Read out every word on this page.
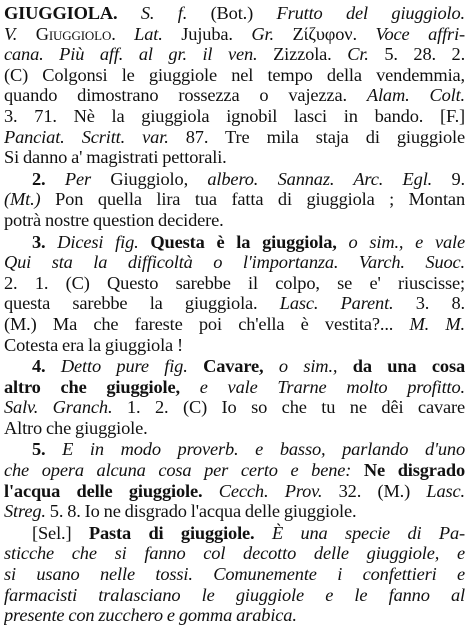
GIUGGIOLA. S. f. (Bot.) Frutto del giuggiolo.
V. Giuggiolo. Lat. Jujuba. Gr. Ζίζυφον. Voce affri-
cana. Più aff. al gr. il ven. Zizzola. Cr. 5. 28. 2.
(C) Colgonsi le giuggiole nel tempo della vendemmia,
quando dimostrano rossezza o vajezza. Alam. Colt.
3. 71. Nè la giuggiola ignobil lasci in bando. [F.]
Panciat. Scritt. var. 87. Tre mila staja di giuggiole
Si danno a' magistrati pettorali.
2. Per Giuggiolo, albero. Sannaz. Arc. Egl. 9.
(Mt.) Pon quella lira tua fatta di giuggiola ; Montan
potrà nostre question decidere.
3. Dicesi fig. Questa è la giuggiola, o sim., e vale
Qui sta la difficoltà o l'importanza. Varch. Suoc.
2. 1. (C) Questo sarebbe il colpo, se e' riuscisse;
questa sarebbe la giuggiola. Lasc. Parent. 3. 8.
(M.) Ma che fareste poi ch'ella è vestita?... M. M.
Cotesta era la giuggiola !
4. Detto pure fig. Cavare, o sim., da una cosa
altro che giuggiole, e vale Trarne molto profitto.
Salv. Granch. 1. 2. (C) Io so che tu ne dêi cavare
Altro che giuggiole.
5. E in modo proverb. e basso, parlando d'uno
che opera alcuna cosa per certo e bene: Ne disgrado
l'acqua delle giuggiole. Cecch. Prov. 32. (M.) Lasc.
Streg. 5. 8. Io ne disgrado l'acqua delle giuggiole.
[Sel.] Pasta di giuggiole. È una specie di Pa-
sticche che si fanno col decotto delle giuggiole, e
si usano nelle tossi. Comunemente i confettieri e
farmacisti tralasciano le giuggiole e le fanno al
presente con zucchero e gomma arabica.
